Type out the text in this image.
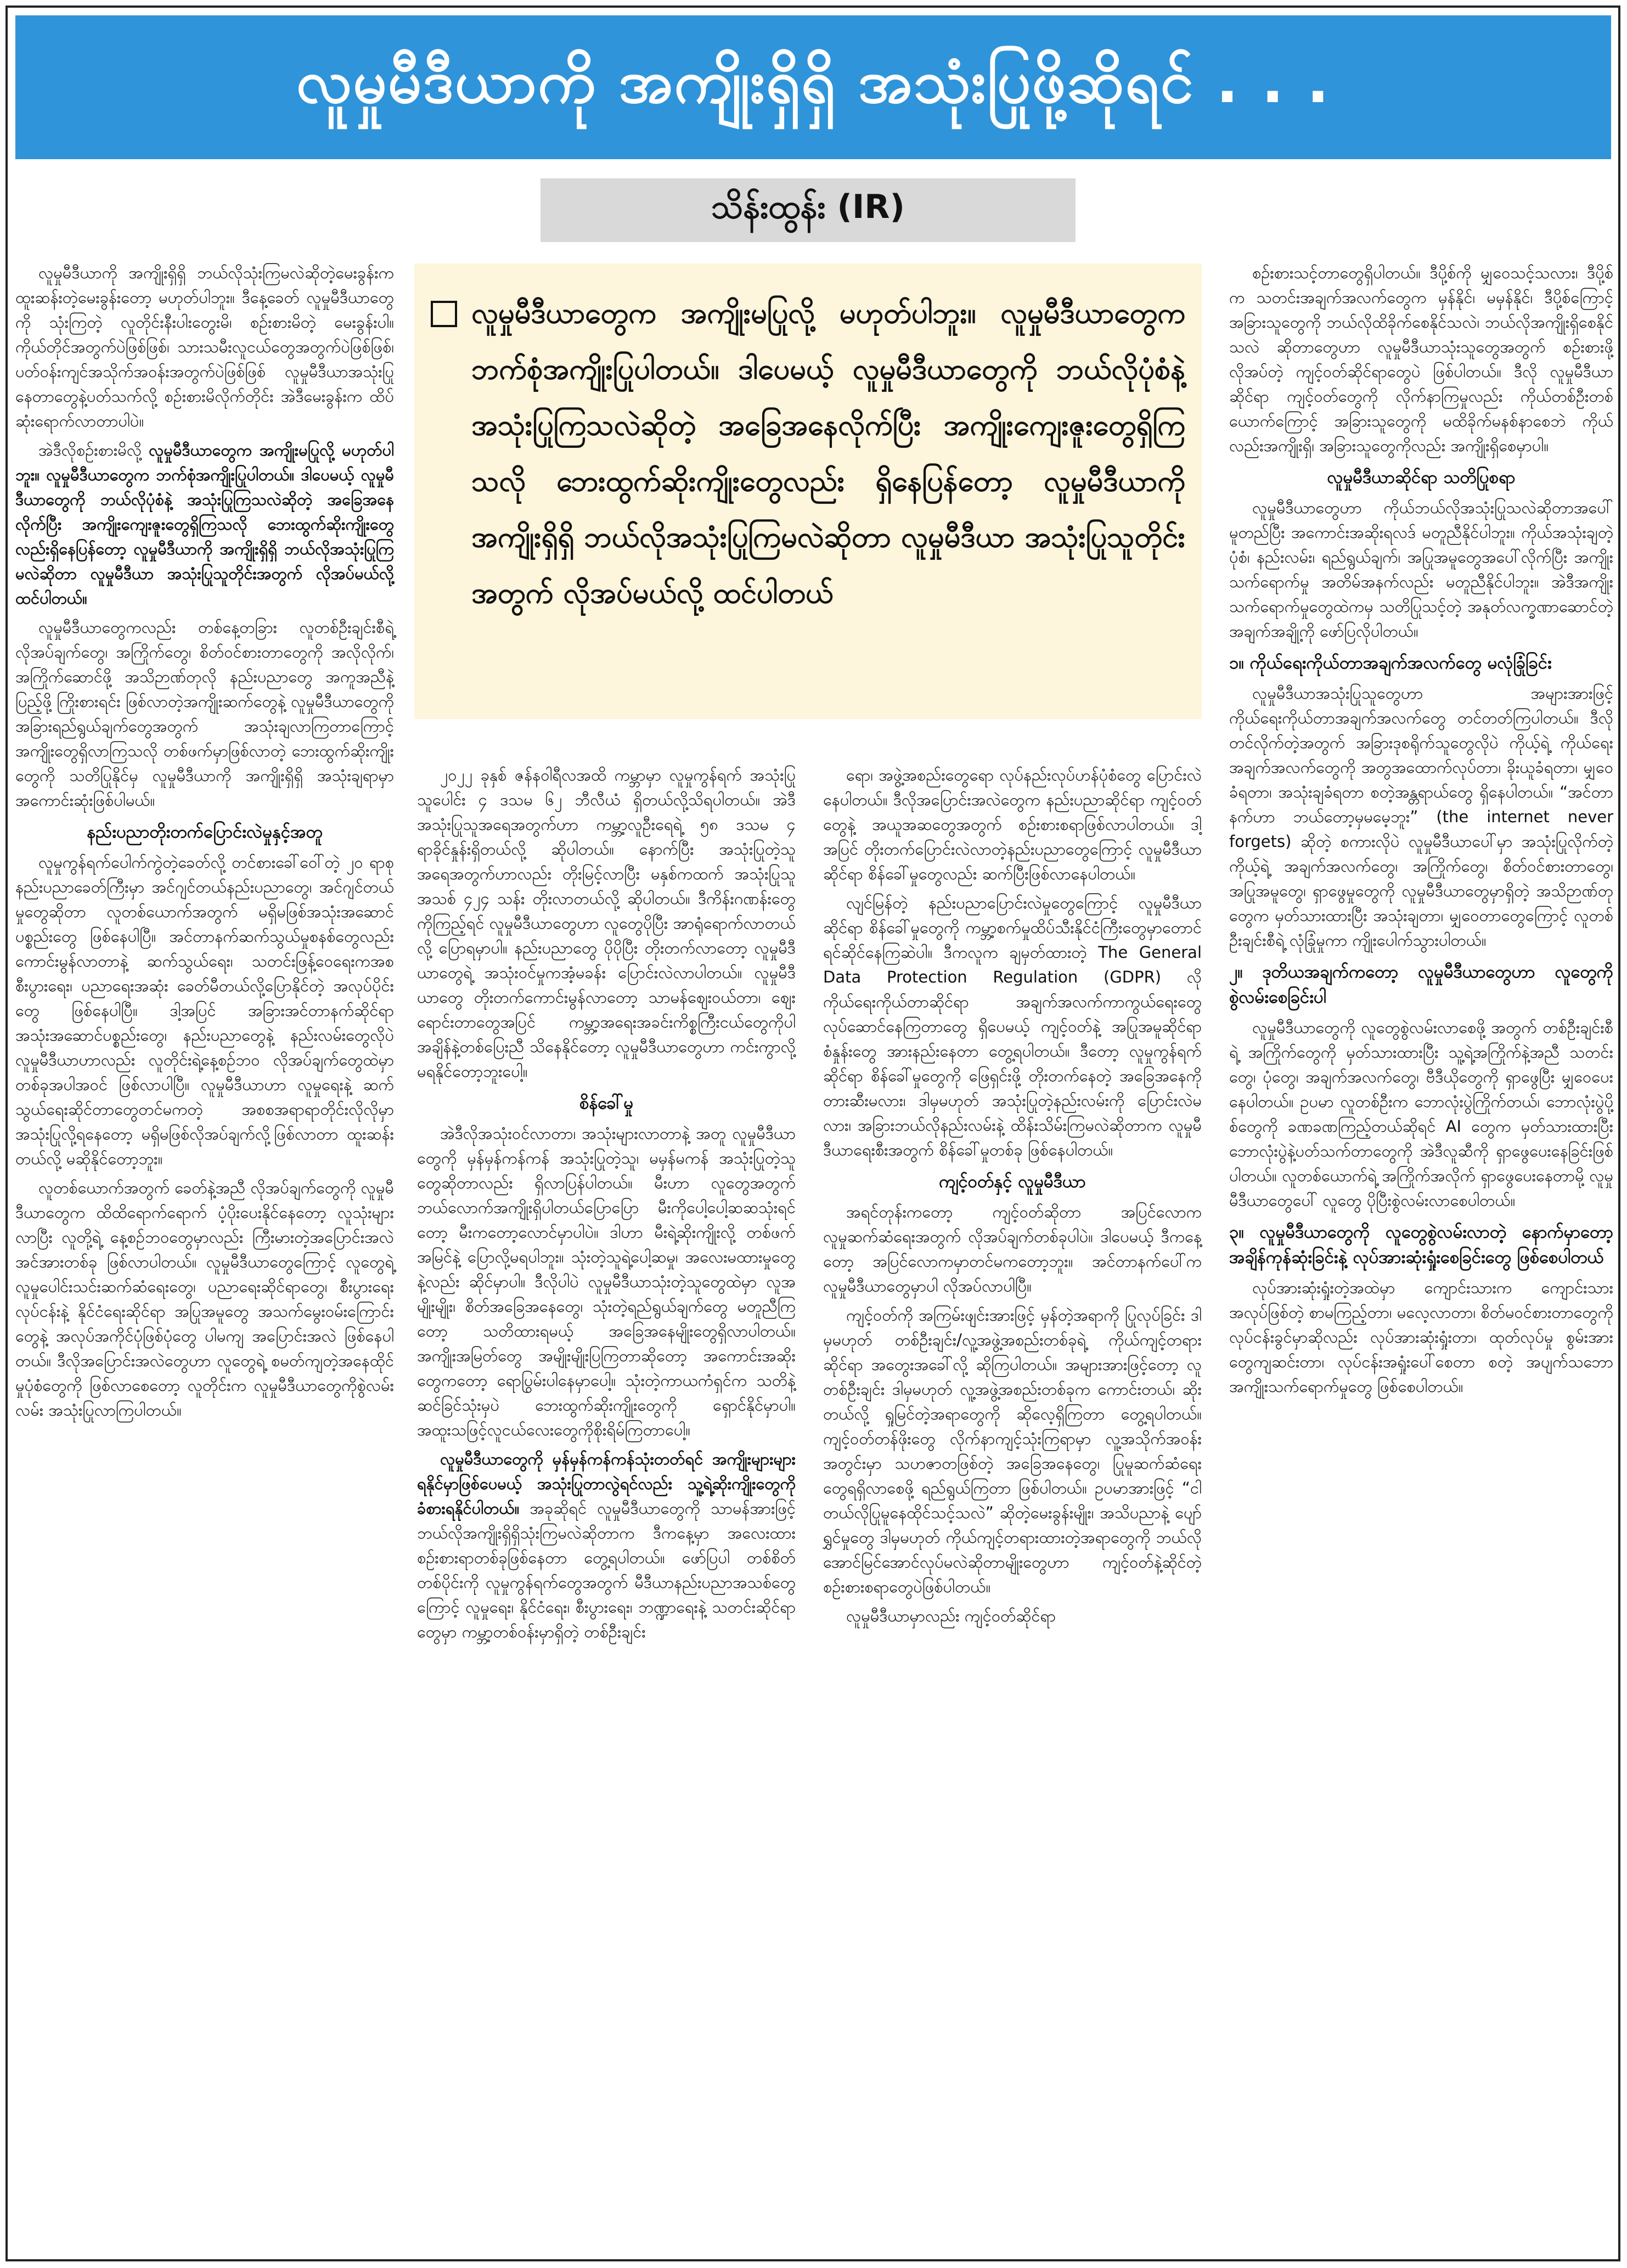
လူမှုမီဒီယာကို အကျိုးရှိရှိ အသုံးပြုဖို့ဆိုရင် . . .
သိန်းထွန်း (IR)
လူမှုမီဒီယာတွေက အကျိုးမပြုလို့ မဟုတ်ပါဘူး။ လူမှုမီဒီယာတွေက ဘက်စုံအကျိုးပြုပါတယ်။ ဒါပေမယ့် လူမှုမီဒီယာတွေကို ဘယ်လိုပုံစံနဲ့ အသုံးပြုကြသလဲဆိုတဲ့ အခြေအနေလိုက်ပြီး အကျိုးကျေးဇူးတွေရှိကြသလို ဘေးထွက်ဆိုးကျိုးတွေလည်း ရှိနေပြန်တော့ လူမှုမီဒီယာကို အကျိုးရှိရှိ ဘယ်လိုအသုံးပြုကြမလဲဆိုတာ လူမှုမီဒီယာ အသုံးပြုသူတိုင်းအတွက် လိုအပ်မယ်လို့ ထင်ပါတယ်

လူမှုမီဒီယာကို အကျိုးရှိရှိ ဘယ်လိုသုံးကြမလဲဆိုတဲ့မေးခွန်းက ထူးဆန်းတဲ့မေးခွန်းတော့ မဟုတ်ပါဘူး။ ဒီနေ့ခေတ် လူမှုမီဒီယာတွေကို သုံးကြတဲ့ လူတိုင်းနီးပါးတွေးမိ၊ စဉ်းစားမိတဲ့ မေးခွန်းပါ။ ကိုယ်တိုင်အတွက်ပဲဖြစ်ဖြစ်၊ သားသမီးလူငယ်တွေအတွက်ပဲဖြစ်ဖြစ်၊ ပတ်ဝန်းကျင်အသိုက်အဝန်းအတွက်ပဲဖြစ်ဖြစ် လူမှုမီဒီယာအသုံးပြုနေတာတွေနဲ့ပတ်သက်လို့ စဉ်းစားမိလိုက်တိုင်း အဲဒီမေးခွန်းက ထိပ်ဆုံးရောက်လာတာပါပဲ။

အဲဒီလိုစဉ်းစားမိလို့ လူမှုမီဒီယာတွေက အကျိုးမပြုလို့ မဟုတ်ပါဘူး။ လူမှုမီဒီယာတွေက ဘက်စုံအကျိုးပြုပါတယ်။ ဒါပေမယ့် လူမှုမီဒီယာတွေကို ဘယ်လိုပုံစံနဲ့ အသုံးပြုကြသလဲဆိုတဲ့ အခြေအနေလိုက်ပြီး အကျိုးကျေးဇူးတွေရှိကြသလို ဘေးထွက်ဆိုးကျိုးတွေလည်းရှိနေပြန်တော့ လူမှုမီဒီယာကို အကျိုးရှိရှိ ဘယ်လိုအသုံးပြုကြမလဲဆိုတာ လူမှုမီဒီယာ အသုံးပြုသူတိုင်းအတွက် လိုအပ်မယ်လို့ ထင်ပါတယ်။

လူမှုမီဒီယာတွေကလည်း တစ်နေ့တခြား လူတစ်ဦးချင်းစီရဲ့ လိုအပ်ချက်တွေ၊ အကြိုက်တွေ၊ စိတ်ဝင်စားတာတွေကို အလိုလိုက်၊ အကြိုက်ဆောင်ဖို့ အသိဉာဏ်တုလို နည်းပညာတွေ အကူအညီနဲ့ပြည့်ဖို့ ကြိုးစားရင်း ဖြစ်လာတဲ့အကျိုးဆက်တွေနဲ့ လူမှုမီဒီယာတွေကို အခြားရည်ရွယ်ချက်တွေအတွက် အသုံးချလာကြတာကြောင့် အကျိုးတွေရှိလာကြသလို တစ်ဖက်မှာဖြစ်လာတဲ့ ဘေးထွက်ဆိုးကျိုးတွေကို သတိပြုနိုင်မှ လူမှုမီဒီယာကို အကျိုးရှိရှိ အသုံးချရာမှာ အကောင်းဆုံးဖြစ်ပါမယ်။

နည်းပညာတိုးတက်ပြောင်းလဲမှုနှင့်အတူ

လူမှုကွန်ရက်ပေါက်ကွဲတဲ့ခေတ်လို့ တင်စားခေါ်ဝေါ်တဲ့ ၂၀ ရာစု နည်းပညာခေတ်ကြီးမှာ အင်ဂျင်တယ်နည်းပညာတွေ၊ အင်ဂျင်တယ်မှုတွေဆိုတာ လူတစ်ယောက်အတွက် မရှိမဖြစ်အသုံးအဆောင်ပစ္စည်းတွေ ဖြစ်နေပါပြီ။ အင်တာနက်ဆက်သွယ်မှုစနစ်တွေလည်း ကောင်းမွန်လာတာနဲ့ ဆက်သွယ်ရေး၊ သတင်းဖြန့်ဝေရေးကအစ စီးပွားရေး၊ ပညာရေးအဆုံး ခေတ်မီတယ်လို့ပြောနိုင်တဲ့ အလုပ်ပိုင်းတွေ ဖြစ်နေပါပြီ။ ဒါ့အပြင် အခြားအင်တာနက်ဆိုင်ရာ အသုံးအဆောင်ပစ္စည်းတွေ၊ နည်းပညာတွေနဲ့ နည်းလမ်းတွေလိုပဲ လူမှုမီဒီယာဟာလည်း လူတိုင်းရဲ့နေ့စဉ်ဘဝ လိုအပ်ချက်တွေထဲမှာ တစ်ခုအပါအဝင် ဖြစ်လာပါပြီ။ လူမှုမီဒီယာဟာ လူမှုရေးနဲ့ ဆက်သွယ်ရေးဆိုင်တာတွေတင်မကတဲ့ အစစအရာရာတိုင်းလိုလိုမှာ အသုံးပြုလို့ရနေတော့ မရှိမဖြစ်လိုအပ်ချက်လို့ဖြစ်လာတာ ထူးဆန်းတယ်လို့ မဆိုနိုင်တော့ဘူး။

လူတစ်ယောက်အတွက် ခေတ်နဲ့အညီ လိုအပ်ချက်တွေကို လူမှုမီဒီယာတွေက ထိထိရောက်ရောက် ပံ့ပိုးပေးနိုင်နေတော့ လူသုံးများလာပြီး လူတို့ရဲ့ နေ့စဉ်ဘဝတွေမှာလည်း ကြီးမားတဲ့အပြောင်းအလဲ အင်အားတစ်ခု ဖြစ်လာပါတယ်။ လူမှုမီဒီယာတွေကြောင့် လူတွေရဲ့ လူမှုပေါင်းသင်းဆက်ဆံရေးတွေ၊ ပညာရေးဆိုင်ရာတွေ၊ စီးပွားရေးလုပ်ငန်းနဲ့ နိုင်ငံရေးဆိုင်ရာ အပြုအမူတွေ အသက်မွေးဝမ်းကြောင်းတွေနဲ့ အလုပ်အကိုင်ပုံဖြစ်ပုံတွေ ပါမကျ အပြောင်းအလဲ ဖြစ်နေပါတယ်။ ဒီလိုအပြောင်းအလဲတွေဟာ လူတွေရဲ့ စမတ်ကျတဲ့အနေထိုင်မှုပုံစံတွေကို ဖြစ်လာစေတော့ လူတိုင်းက လူမှုမီဒီယာတွေကိုစွဲလမ်းလမ်း အသုံးပြုလာကြပါတယ်။

၂၀၂၂ ခုနှစ် ဇန်နဝါရီလအထိ ကမ္ဘာမှာ လူမှုကွန်ရက် အသုံးပြုသူပေါင်း ၄ ဒသမ ၆၂ ဘီလီယံ ရှိတယ်လို့သိရပါတယ်။ အဲဒီအသုံးပြုသူအရေအတွက်ဟာ ကမ္ဘာ့လူဦးရေရဲ့ ၅၈ ဒသမ ၄ ရာခိုင်နှုန်းရှိတယ်လို့ ဆိုပါတယ်။ နောက်ပြီး အသုံးပြုတဲ့သူအရေအတွက်ဟာလည်း တိုးမြင့်လာပြီး မနှစ်ကထက် အသုံးပြုသူ အသစ် ၄၂၄ သန်း တိုးလာတယ်လို့ ဆိုပါတယ်။ ဒီကိန်းဂဏန်းတွေကိုကြည့်ရင် လူမှုမီဒီယာတွေဟာ လူတွေပိုပြီး အာရုံရောက်လာတယ်လို့ ပြောရမှာပါ။ နည်းပညာတွေ ပိုပိုပြီး တိုးတက်လာတော့ လူမှုမီဒီယာတွေရဲ့ အသုံးဝင်မှုကအံ့မခန်း ပြောင်းလဲလာပါတယ်။ လူမှုမီဒီယာတွေ တိုးတက်ကောင်းမွန်လာတော့ သာမန်စျေးဝယ်တာ၊ စျေးရောင်းတာတွေအပြင် ကမ္ဘာ့အရေးအခင်းကိစ္စကြီးငယ်တွေကိုပါ အချိန်နဲ့တစ်ပြေးညီ သိနေနိုင်တော့ လူမှုမီဒီယာတွေဟာ ကင်းကွာလို့ မရနိုင်တော့ဘူးပေါ့။

စိန်ခေါ်မှု

အဲဒီလိုအသုံးဝင်လာတာ၊ အသုံးများလာတာနဲ့ အတူ လူမှုမီဒီယာတွေကို မှန်မှန်ကန်ကန် အသုံးပြုတဲ့သူ၊ မမှန်မကန် အသုံးပြုတဲ့သူတွေဆိုတာလည်း ရှိလာပြန်ပါတယ်။ မီးဟာ လူတွေအတွက် ဘယ်လောက်အကျိုးရှိပါတယ်ပြောပြော မီးကိုပေါ့ပေါ့ဆဆသုံးရင်တော့ မီးကတော့လောင်မှာပါပဲ။ ဒါဟာ မီးရဲ့ဆိုးကျိုးလို့ တစ်ဖက်အမြင်နဲ့ ပြောလို့မရပါဘူး။ သုံးတဲ့သူရဲ့ပေါ့ဆမှု၊ အလေးမထားမှုတွေနဲ့လည်း ဆိုင်မှာပါ။ ဒီလိုပါပဲ လူမှုမီဒီယာသုံးတဲ့သူတွေထဲမှာ လူအမျိုးမျိုး၊ စိတ်အခြေအနေတွေ၊ သုံးတဲ့ရည်ရွယ်ချက်တွေ မတူညီကြတော့ သတိထားရမယ့် အခြေအနေမျိုးတွေရှိလာပါတယ်။ အကျိုးအမြတ်တွေ အမျိုးမျိုးပြကြတာဆိုတော့ အကောင်းအဆိုးတွေကတော့ ရောပြွမ်းပါနေမှာပေါ့။ သုံးတဲ့ကာယကံရှင်က သတိနဲ့ဆင်ခြင်သုံးမှပဲ ဘေးထွက်ဆိုးကျိုးတွေကို ရှောင်နိုင်မှာပါ။ အထူးသဖြင့်လူငယ်လေးတွေကိုစိုးရိမ်ကြတာပေါ့။

လူမှုမီဒီယာတွေကို မှန်မှန်ကန်ကန်သုံးတတ်ရင် အကျိုးများများရနိုင်မှာဖြစ်ပေမယ့် အသုံးပြုတာလွဲရင်လည်း သူ့ရဲ့ဆိုးကျိုးတွေကို ခံစားရနိုင်ပါတယ်။ အခုဆိုရင် လူမှုမီဒီယာတွေကို သာမန်အားဖြင့် ဘယ်လိုအကျိုးရှိရှိသုံးကြမလဲဆိုတာက ဒီကနေ့မှာ အလေးထား စဉ်းစားရာတစ်ခုဖြစ်နေတာ တွေ့ရပါတယ်။ ဖော်ပြပါ တစ်စိတ်တစ်ပိုင်းကို လူမှုကွန်ရက်တွေအတွက် မီဒီယာနည်းပညာအသစ်တွေကြောင့် လူမှုရေး၊ နိုင်ငံရေး၊ စီးပွားရေး၊ ဘဏ္ဍာရေးနဲ့ သတင်းဆိုင်ရာတွေမှာ ကမ္ဘာ့တစ်ဝန်းမှာရှိတဲ့ တစ်ဦးချင်း

ရော၊ အဖွဲ့အစည်းတွေရော လုပ်နည်းလုပ်ဟန်ပုံစံတွေ ပြောင်းလဲနေပါတယ်။ ဒီလိုအပြောင်းအလဲတွေက နည်းပညာဆိုင်ရာ ကျင့်ဝတ်တွေနဲ့ အယူအဆတွေအတွက် စဉ်းစားစရာဖြစ်လာပါတယ်။ ဒါ့အပြင် တိုးတက်ပြောင်းလဲလာတဲ့နည်းပညာတွေကြောင့် လူမှုမီဒီယာဆိုင်ရာ စိန်ခေါ်မှုတွေလည်း ဆက်ပြီးဖြစ်လာနေပါတယ်။

လျင်မြန်တဲ့ နည်းပညာပြောင်းလဲမှုတွေကြောင့် လူမှုမီဒီယာဆိုင်ရာ စိန်ခေါ်မှုတွေကို ကမ္ဘာ့စက်မှုထိပ်သီးနိုင်ငံကြီးတွေမှာတောင် ရင်ဆိုင်နေကြဆဲပါ။ ဒီကလူက ချမှတ်ထားတဲ့ The General Data Protection Regulation (GDPR) လို ကိုယ်ရေးကိုယ်တာဆိုင်ရာ အချက်အလက်ကာကွယ်ရေးတွေ လုပ်ဆောင်နေကြတာတွေ ရှိပေမယ့် ကျင့်ဝတ်နဲ့ အပြုအမူဆိုင်ရာစံနှုန်းတွေ အားနည်းနေတာ တွေ့ရပါတယ်။ ဒီတော့ လူမှုကွန်ရက်ဆိုင်ရာ စိန်ခေါ်မှုတွေကို ဖြေရှင်းဖို့ တိုးတက်နေတဲ့ အခြေအနေကို တားဆီးမလား၊ ဒါမှမဟုတ် အသုံးပြုတဲ့နည်းလမ်းကို ပြောင်းလဲမလား၊ အခြားဘယ်လိုနည်းလမ်းနဲ့ ထိန်းသိမ်းကြမလဲဆိုတာက လူမှုမီဒီယာရေးစီးအတွက် စိန်ခေါ်မှုတစ်ခု ဖြစ်နေပါတယ်။

ကျင့်ဝတ်နှင့် လူမှုမီဒီယာ

အရင်တုန်းကတော့ ကျင့်ဝတ်ဆိုတာ အပြင်လောက လူမှုဆက်ဆံရေးအတွက် လိုအပ်ချက်တစ်ခုပါပဲ။ ဒါပေမယ့် ဒီကနေ့တော့ အပြင်လောကမှာတင်မကတော့ဘူး။ အင်တာနက်ပေါ်က လူမှုမီဒီယာတွေမှာပါ လိုအပ်လာပါပြီ။

ကျင့်ဝတ်ကို အကြမ်းဖျင်းအားဖြင့် မှန်တဲ့အရာကို ပြုလုပ်ခြင်း ဒါမှမဟုတ် တစ်ဦးချင်း/လူ့အဖွဲ့အစည်းတစ်ခုရဲ့ ကိုယ်ကျင့်တရားဆိုင်ရာ အတွေးအခေါ်လို့ ဆိုကြပါတယ်။ အများအားဖြင့်တော့ လူတစ်ဦးချင်း ဒါမှမဟုတ် လူ့အဖွဲ့အစည်းတစ်ခုက ကောင်းတယ်၊ ဆိုးတယ်လို့ ရှုမြင်တဲ့အရာတွေကို ဆိုလေ့ရှိကြတာ တွေ့ရပါတယ်။ ကျင့်ဝတ်တန်ဖိုးတွေ လိုက်နာကျင့်သုံးကြရာမှာ လူ့အသိုက်အဝန်းအတွင်းမှာ သဟဇာတဖြစ်တဲ့ အခြေအနေတွေ၊ ပြုမူဆက်ဆံရေးတွေရရှိလာစေဖို့ ရည်ရွယ်ကြတာ ဖြစ်ပါတယ်။ ဥပမာအားဖြင့် “ငါတယ်လိုပြုမူနေထိုင်သင့်သလဲ” ဆိုတဲ့မေးခွန်းမျိုး၊ အသိပညာနဲ့ ပျော်ရွှင်မှုတွေ ဒါမှမဟုတ် ကိုယ်ကျင့်တရားထားတဲ့အရာတွေကို ဘယ်လိုအောင်မြင်အောင်လုပ်မလဲဆိုတာမျိုးတွေဟာ ကျင့်ဝတ်နဲ့ဆိုင်တဲ့ စဉ်းစားစရာတွေပဲဖြစ်ပါတယ်။

လူမှုမီဒီယာမှာလည်း ကျင့်ဝတ်ဆိုင်ရာ

စဉ်းစားသင့်တာတွေရှိပါတယ်။ ဒီပို့စ်ကို မျှဝေသင့်သလား၊ ဒီပို့စ်က သတင်းအချက်အလက်တွေက မှန်နိုင်၊ မမှန်နိုင်၊ ဒီပို့စ်ကြောင့် အခြားသူတွေကို ဘယ်လိုထိခိုက်စေနိုင်သလဲ၊ ဘယ်လိုအကျိုးရှိစေနိုင်သလဲ ဆိုတာတွေဟာ လူမှုမီဒီယာသုံးသူတွေအတွက် စဉ်းစားဖို့လိုအပ်တဲ့ ကျင့်ဝတ်ဆိုင်ရာတွေပဲ ဖြစ်ပါတယ်။ ဒီလို လူမှုမီဒီယာဆိုင်ရာ ကျင့်ဝတ်တွေကို လိုက်နာကြမှုလည်း ကိုယ်တစ်ဦးတစ်ယောက်ကြောင့် အခြားသူတွေကို မထိခိုက်မနစ်နာစေဘဲ ကိုယ်လည်းအကျိုးရှိ၊ အခြားသူတွေကိုလည်း အကျိုးရှိစေမှာပါ။

လူမှုမီဒီယာဆိုင်ရာ သတိပြုစရာ

လူမှုမီဒီယာတွေဟာ ကိုယ်ဘယ်လိုအသုံးပြုသလဲဆိုတာအပေါ်မူတည်ပြီး အကောင်းအဆိုးရလဒ် မတူညီနိုင်ပါဘူး။ ကိုယ်အသုံးချတဲ့ပုံစံ၊ နည်းလမ်း၊ ရည်ရွယ်ချက်၊ အပြုအမူတွေအပေါ်လိုက်ပြီး အကျိုးသက်ရောက်မှု အတိမ်အနက်လည်း မတူညီနိုင်ပါဘူး။ အဲဒီအကျိုးသက်ရောက်မှုတွေထဲကမှ သတိပြုသင့်တဲ့ အနုတ်လက္ခဏာဆောင်တဲ့ အချက်အချို့ကို ဖော်ပြလိုပါတယ်။

၁။ ကိုယ်ရေးကိုယ်တာအချက်အလက်တွေ မလုံခြုံခြင်း

လူမှုမီဒီယာအသုံးပြုသူတွေဟာ အများအားဖြင့် ကိုယ်ရေးကိုယ်တာအချက်အလက်တွေ တင်တတ်ကြပါတယ်။ ဒီလိုတင်လိုက်တဲ့အတွက် အခြားဒုစရိုက်သူတွေလိုပဲ ကိုယ့်ရဲ့ ကိုယ်ရေးအချက်အလက်တွေကို အတွအထောက်လုပ်တာ၊ ခိုးယူခံရတာ၊ မျှဝေခံရတာ၊ အသုံးချခံရတာ စတဲ့အန္တရာယ်တွေ ရှိနေပါတယ်။ “အင်တာနက်ဟာ ဘယ်တော့မှမမေ့ဘူး” (the internet never forgets) ဆိုတဲ့ စကားလိုပဲ လူမှုမီဒီယာပေါ်မှာ အသုံးပြုလိုက်တဲ့ ကိုယ့်ရဲ့ အချက်အလက်တွေ၊ အကြိုက်တွေ၊ စိတ်ဝင်စားတာတွေ၊ အပြုအမူတွေ၊ ရှာဖွေမှုတွေကို လူမှုမီဒီယာတွေမှာရှိတဲ့ အသိဉာဏ်တုတွေက မှတ်သားထားပြီး အသုံးချတာ၊ မျှဝေတာတွေကြောင့် လူတစ်ဦးချင်းစီရဲ့ လုံခြုံမှုကာ ကျိုးပေါက်သွားပါတယ်။

၂။ ဒုတိယအချက်ကတော့ လူမှုမီဒီယာတွေဟာ လူတွေကို စွဲလမ်းစေခြင်းပါ

လူမှုမီဒီယာတွေကို လူတွေစွဲလမ်းလာစေဖို့ အတွက် တစ်ဦးချင်းစီရဲ့ အကြိုက်တွေကို မှတ်သားထားပြီး သူ့ရဲ့အကြိုက်နဲ့အညီ သတင်းတွေ၊ ပုံတွေ၊ အချက်အလက်တွေ၊ ဗီဒီယိုတွေကို ရှာဖွေပြီး မျှဝေပေးနေပါတယ်။ ဥပမာ လူတစ်ဦးက ဘောလုံးပွဲကြိုက်တယ်၊ ဘောလုံးပွဲပို့စ်တွေကို ခဏခဏကြည့်တယ်ဆိုရင် AI တွေက မှတ်သားထားပြီး ဘောလုံးပွဲနဲ့ပတ်သက်တာတွေကို အဲဒီလူဆီကို ရှာဖွေပေးနေခြင်းဖြစ်ပါတယ်။ လူတစ်ယောက်ရဲ့ အကြိုက်အလိုက် ရှာဖွေပေးနေတာမို့ လူမှုမီဒီယာတွေပေါ် လူတွေ ပိုပြီးစွဲလမ်းလာစေပါတယ်။

၃။ လူမှုမီဒီယာတွေကို လူတွေစွဲလမ်းလာတဲ့ နောက်မှာတော့ အချိန်ကုန်ဆုံးခြင်းနဲ့ လုပ်အားဆုံးရှုံးစေခြင်းတွေ ဖြစ်စေပါတယ်

လုပ်အားဆုံးရှုံးတဲ့အထဲမှာ ကျောင်းသားက ကျောင်းသားအလုပ်ဖြစ်တဲ့ စာမကြည့်တာ၊ မလေ့လာတာ၊ စိတ်မဝင်စားတာတွေကို လုပ်ငန်းခွင်မှာဆိုလည်း လုပ်အားဆုံးရှုံးတာ၊ ထုတ်လုပ်မှု စွမ်းအားတွေကျဆင်းတာ၊ လုပ်ငန်းအရှုံးပေါ်စေတာ စတဲ့ အပျက်သဘော အကျိုးသက်ရောက်မှုတွေ ဖြစ်စေပါတယ်။
